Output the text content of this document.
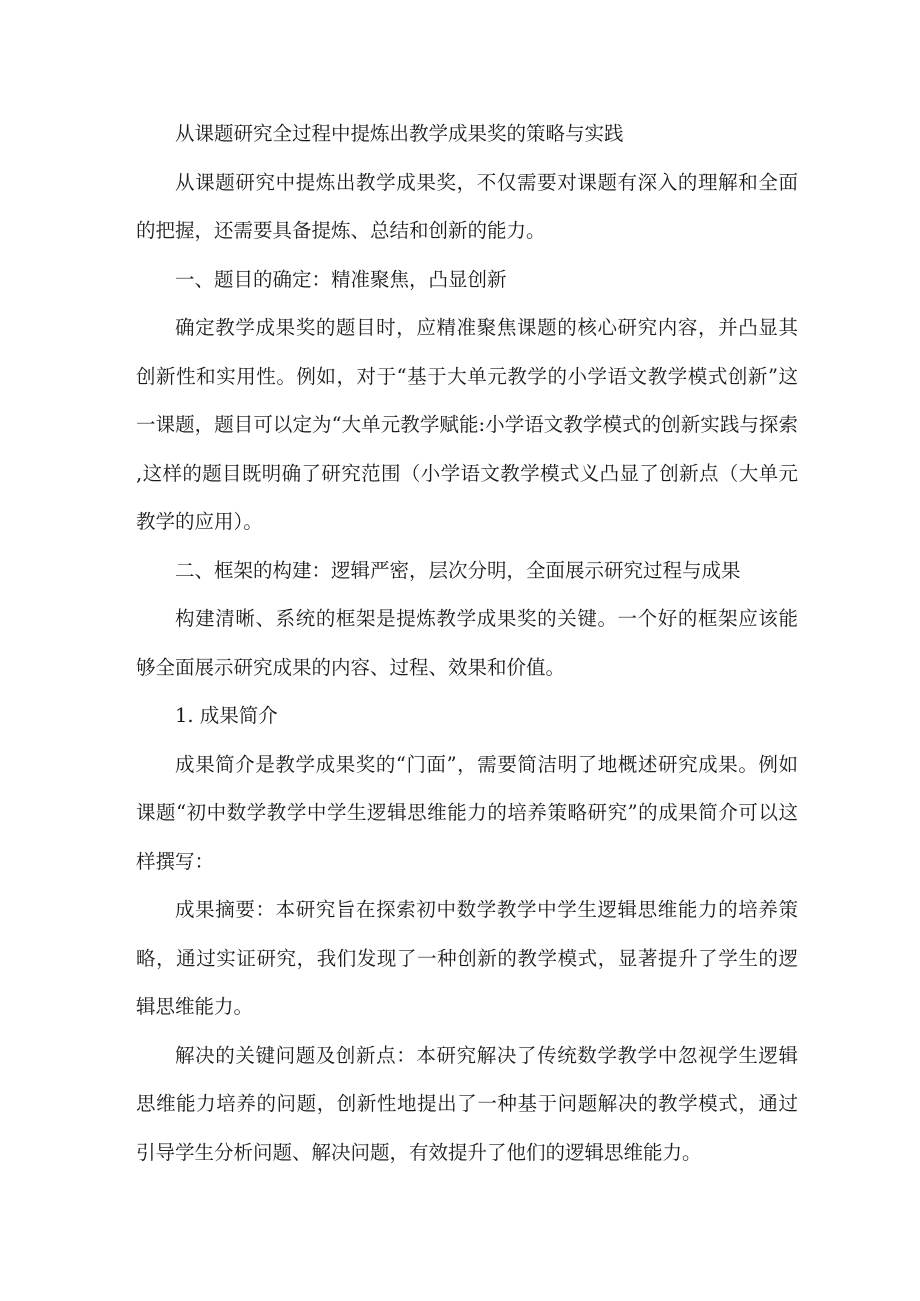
从课题研究全过程中提炼出教学成果奖的策略与实践

从课题研究中提炼出教学成果奖，不仅需要对课题有深入的理解和全面的把握，还需要具备提炼、总结和创新的能力。

一、题目的确定：精准聚焦，凸显创新

确定教学成果奖的题目时，应精准聚焦课题的核心研究内容，并凸显其创新性和实用性。例如，对于“基于大单元教学的小学语文教学模式创新”这一课题，题目可以定为“大单元教学赋能:小学语文教学模式的创新实践与探索,这样的题目既明确了研究范围（小学语文教学模式义凸显了创新点（大单元教学的应用）。

二、框架的构建：逻辑严密，层次分明，全面展示研究过程与成果

构建清晰、系统的框架是提炼教学成果奖的关键。一个好的框架应该能够全面展示研究成果的内容、过程、效果和价值。

1. 成果简介

成果简介是教学成果奖的“门面”，需要简洁明了地概述研究成果。例如课题“初中数学教学中学生逻辑思维能力的培养策略研究”的成果简介可以这样撰写：

成果摘要：本研究旨在探索初中数学教学中学生逻辑思维能力的培养策略，通过实证研究，我们发现了一种创新的教学模式，显著提升了学生的逻辑思维能力。

解决的关键问题及创新点：本研究解决了传统数学教学中忽视学生逻辑思维能力培养的问题，创新性地提出了一种基于问题解决的教学模式，通过引导学生分析问题、解决问题，有效提升了他们的逻辑思维能力。
